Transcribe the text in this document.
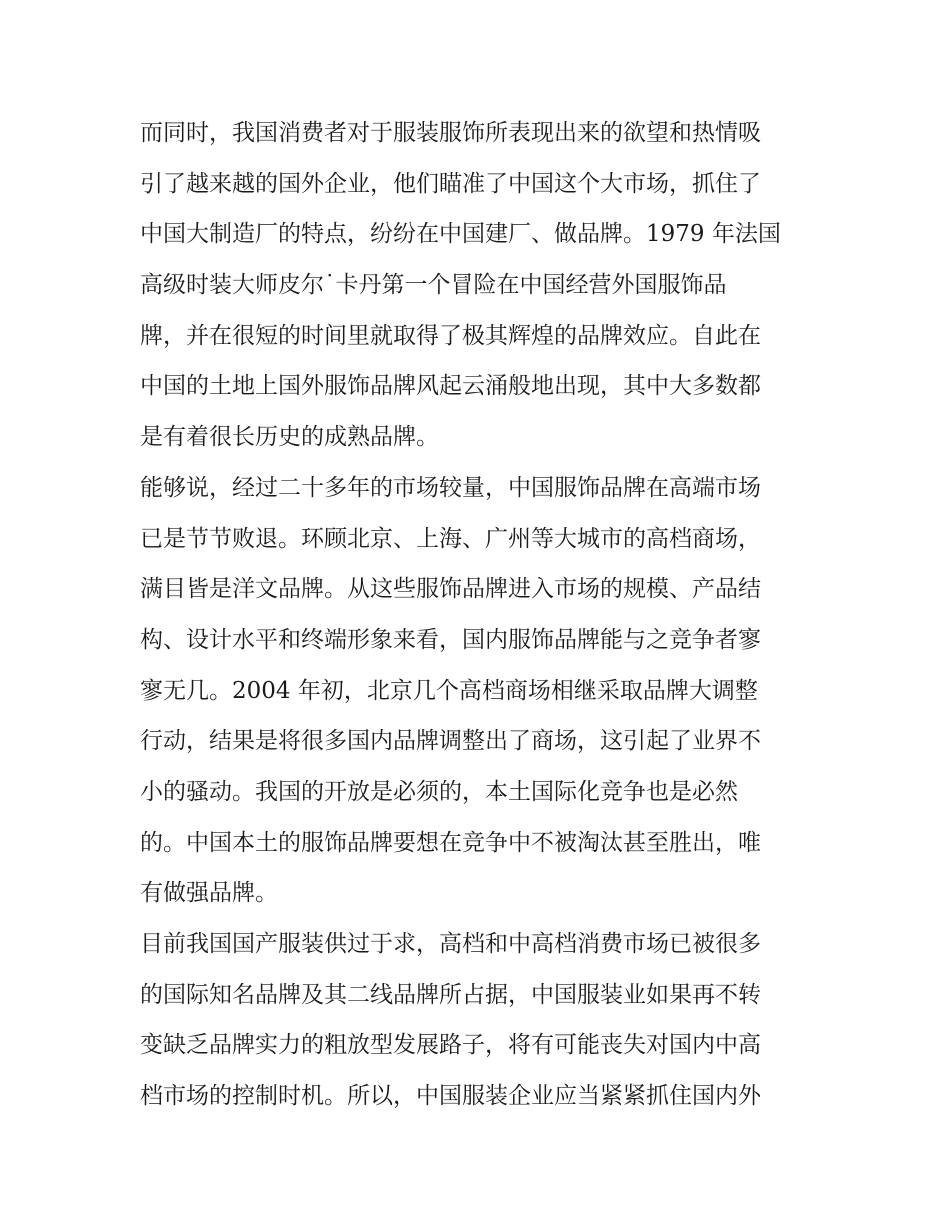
而同时，我国消费者对于服装服饰所表现出来的欲望和热情吸
引了越来越的国外企业，他们瞄准了中国这个大市场，抓住了
中国大制造厂的特点，纷纷在中国建厂、做品牌。1979 年法国
高级时装大师皮尔˙卡丹第一个冒险在中国经营外国服饰品
牌，并在很短的时间里就取得了极其辉煌的品牌效应。自此在
中国的土地上国外服饰品牌风起云涌般地出现，其中大多数都
是有着很长历史的成熟品牌。
能够说，经过二十多年的市场较量，中国服饰品牌在高端市场
已是节节败退。环顾北京、上海、广州等大城市的高档商场，
满目皆是洋文品牌。从这些服饰品牌进入市场的规模、产品结
构、设计水平和终端形象来看，国内服饰品牌能与之竞争者寥
寥无几。2004 年初，北京几个高档商场相继采取品牌大调整
行动，结果是将很多国内品牌调整出了商场，这引起了业界不
小的骚动。我国的开放是必须的，本土国际化竞争也是必然
的。中国本土的服饰品牌要想在竞争中不被淘汰甚至胜出，唯
有做强品牌。
目前我国国产服装供过于求，高档和中高档消费市场已被很多
的国际知名品牌及其二线品牌所占据，中国服装业如果再不转
变缺乏品牌实力的粗放型发展路子，将有可能丧失对国内中高
档市场的控制时机。所以，中国服装企业应当紧紧抓住国内外
